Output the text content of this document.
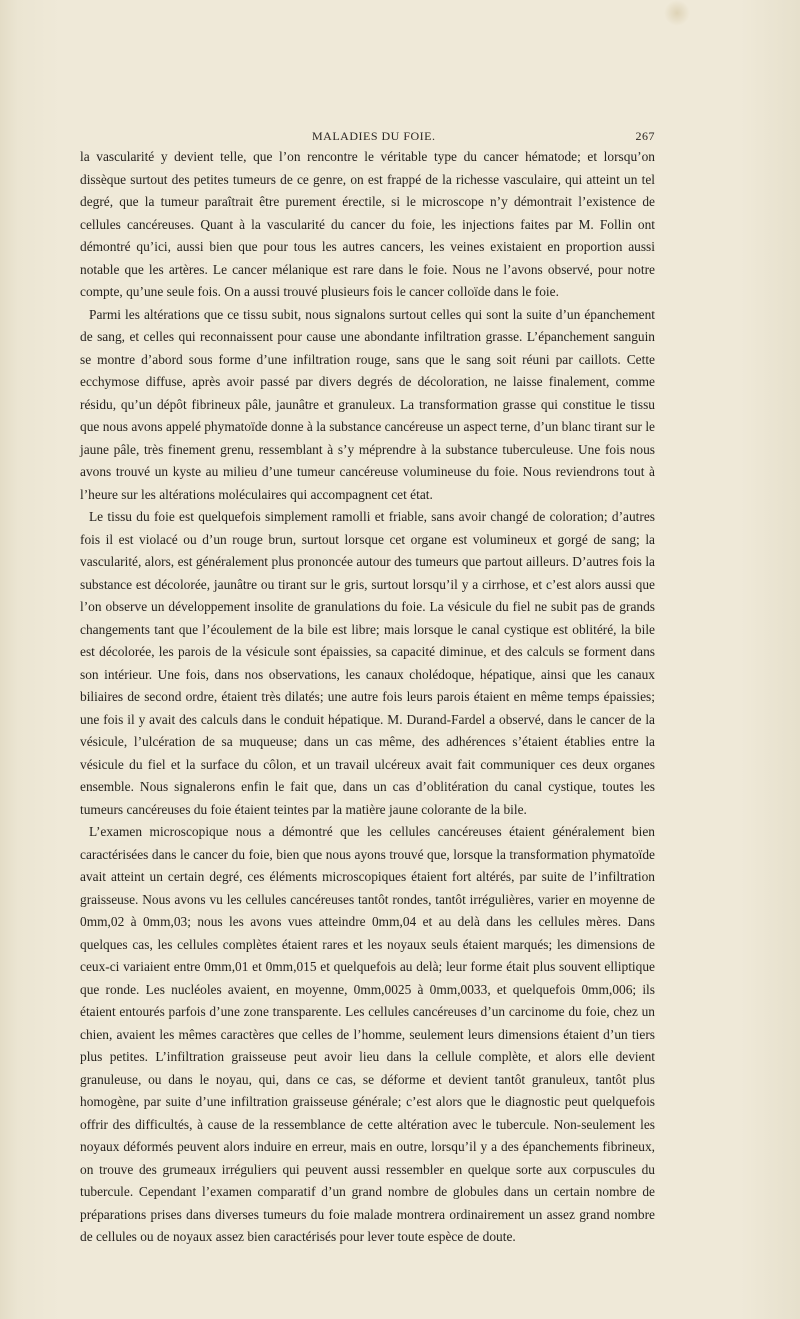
MALADIES DU FOIE.	267

la vascularité y devient telle, que l’on rencontre le véritable type du cancer hématode; et lorsqu’on dissèque surtout des petites tumeurs de ce genre, on est frappé de la richesse vasculaire, qui atteint un tel degré, que la tumeur paraîtrait être purement érectile, si le microscope n’y démontrait l’existence de cellules cancéreuses. Quant à la vascularité du cancer du foie, les injections faites par M. Follin ont démontré qu’ici, aussi bien que pour tous les autres cancers, les veines existaient en proportion aussi notable que les artères. Le cancer mélanique est rare dans le foie. Nous ne l’avons observé, pour notre compte, qu’une seule fois. On a aussi trouvé plusieurs fois le cancer colloïde dans le foie.

Parmi les altérations que ce tissu subit, nous signalons surtout celles qui sont la suite d’un épanchement de sang, et celles qui reconnaissent pour cause une abondante infiltration grasse. L’épanchement sanguin se montre d’abord sous forme d’une infiltration rouge, sans que le sang soit réuni par caillots. Cette ecchymose diffuse, après avoir passé par divers degrés de décoloration, ne laisse finalement, comme résidu, qu’un dépôt fibrineux pâle, jaunâtre et granuleux. La transformation grasse qui constitue le tissu que nous avons appelé phymatoïde donne à la substance cancéreuse un aspect terne, d’un blanc tirant sur le jaune pâle, très finement grenu, ressemblant à s’y méprendre à la substance tuberculeuse. Une fois nous avons trouvé un kyste au milieu d’une tumeur cancéreuse volumineuse du foie. Nous reviendrons tout à l’heure sur les altérations moléculaires qui accompagnent cet état.

Le tissu du foie est quelquefois simplement ramolli et friable, sans avoir changé de coloration; d’autres fois il est violacé ou d’un rouge brun, surtout lorsque cet organe est volumineux et gorgé de sang; la vascularité, alors, est généralement plus prononcée autour des tumeurs que partout ailleurs. D’autres fois la substance est décolorée, jaunâtre ou tirant sur le gris, surtout lorsqu’il y a cirrhose, et c’est alors aussi que l’on observe un développement insolite de granulations du foie. La vésicule du fiel ne subit pas de grands changements tant que l’écoulement de la bile est libre; mais lorsque le canal cystique est oblitéré, la bile est décolorée, les parois de la vésicule sont épaissies, sa capacité diminue, et des calculs se forment dans son intérieur. Une fois, dans nos observations, les canaux cholédoque, hépatique, ainsi que les canaux biliaires de second ordre, étaient très dilatés; une autre fois leurs parois étaient en même temps épaissies; une fois il y avait des calculs dans le conduit hépatique. M. Durand-Fardel a observé, dans le cancer de la vésicule, l’ulcération de sa muqueuse; dans un cas même, des adhérences s’étaient établies entre la vésicule du fiel et la surface du côlon, et un travail ulcéreux avait fait communiquer ces deux organes ensemble. Nous signalerons enfin le fait que, dans un cas d’oblitération du canal cystique, toutes les tumeurs cancéreuses du foie étaient teintes par la matière jaune colorante de la bile.

L’examen microscopique nous a démontré que les cellules cancéreuses étaient généralement bien caractérisées dans le cancer du foie, bien que nous ayons trouvé que, lorsque la transformation phymatoïde avait atteint un certain degré, ces éléments microscopiques étaient fort altérés, par suite de l’infiltration graisseuse. Nous avons vu les cellules cancéreuses tantôt rondes, tantôt irrégulières, varier en moyenne de 0mm,02 à 0mm,03; nous les avons vues atteindre 0mm,04 et au delà dans les cellules mères. Dans quelques cas, les cellules complètes étaient rares et les noyaux seuls étaient marqués; les dimensions de ceux-ci variaient entre 0mm,01 et 0mm,015 et quelquefois au delà; leur forme était plus souvent elliptique que ronde. Les nucléoles avaient, en moyenne, 0mm,0025 à 0mm,0033, et quelquefois 0mm,006; ils étaient entourés parfois d’une zone transparente. Les cellules cancéreuses d’un carcinome du foie, chez un chien, avaient les mêmes caractères que celles de l’homme, seulement leurs dimensions étaient d’un tiers plus petites. L’infiltration graisseuse peut avoir lieu dans la cellule complète, et alors elle devient granuleuse, ou dans le noyau, qui, dans ce cas, se déforme et devient tantôt granuleux, tantôt plus homogène, par suite d’une infiltration graisseuse générale; c’est alors que le diagnostic peut quelquefois offrir des difficultés, à cause de la ressemblance de cette altération avec le tubercule. Non-seulement les noyaux déformés peuvent alors induire en erreur, mais en outre, lorsqu’il y a des épanchements fibrineux, on trouve des grumeaux irréguliers qui peuvent aussi ressembler en quelque sorte aux corpuscules du tubercule. Cependant l’examen comparatif d’un grand nombre de globules dans un certain nombre de préparations prises dans diverses tumeurs du foie malade montrera ordinairement un assez grand nombre de cellules ou de noyaux assez bien caractérisés pour lever toute espèce de doute.
